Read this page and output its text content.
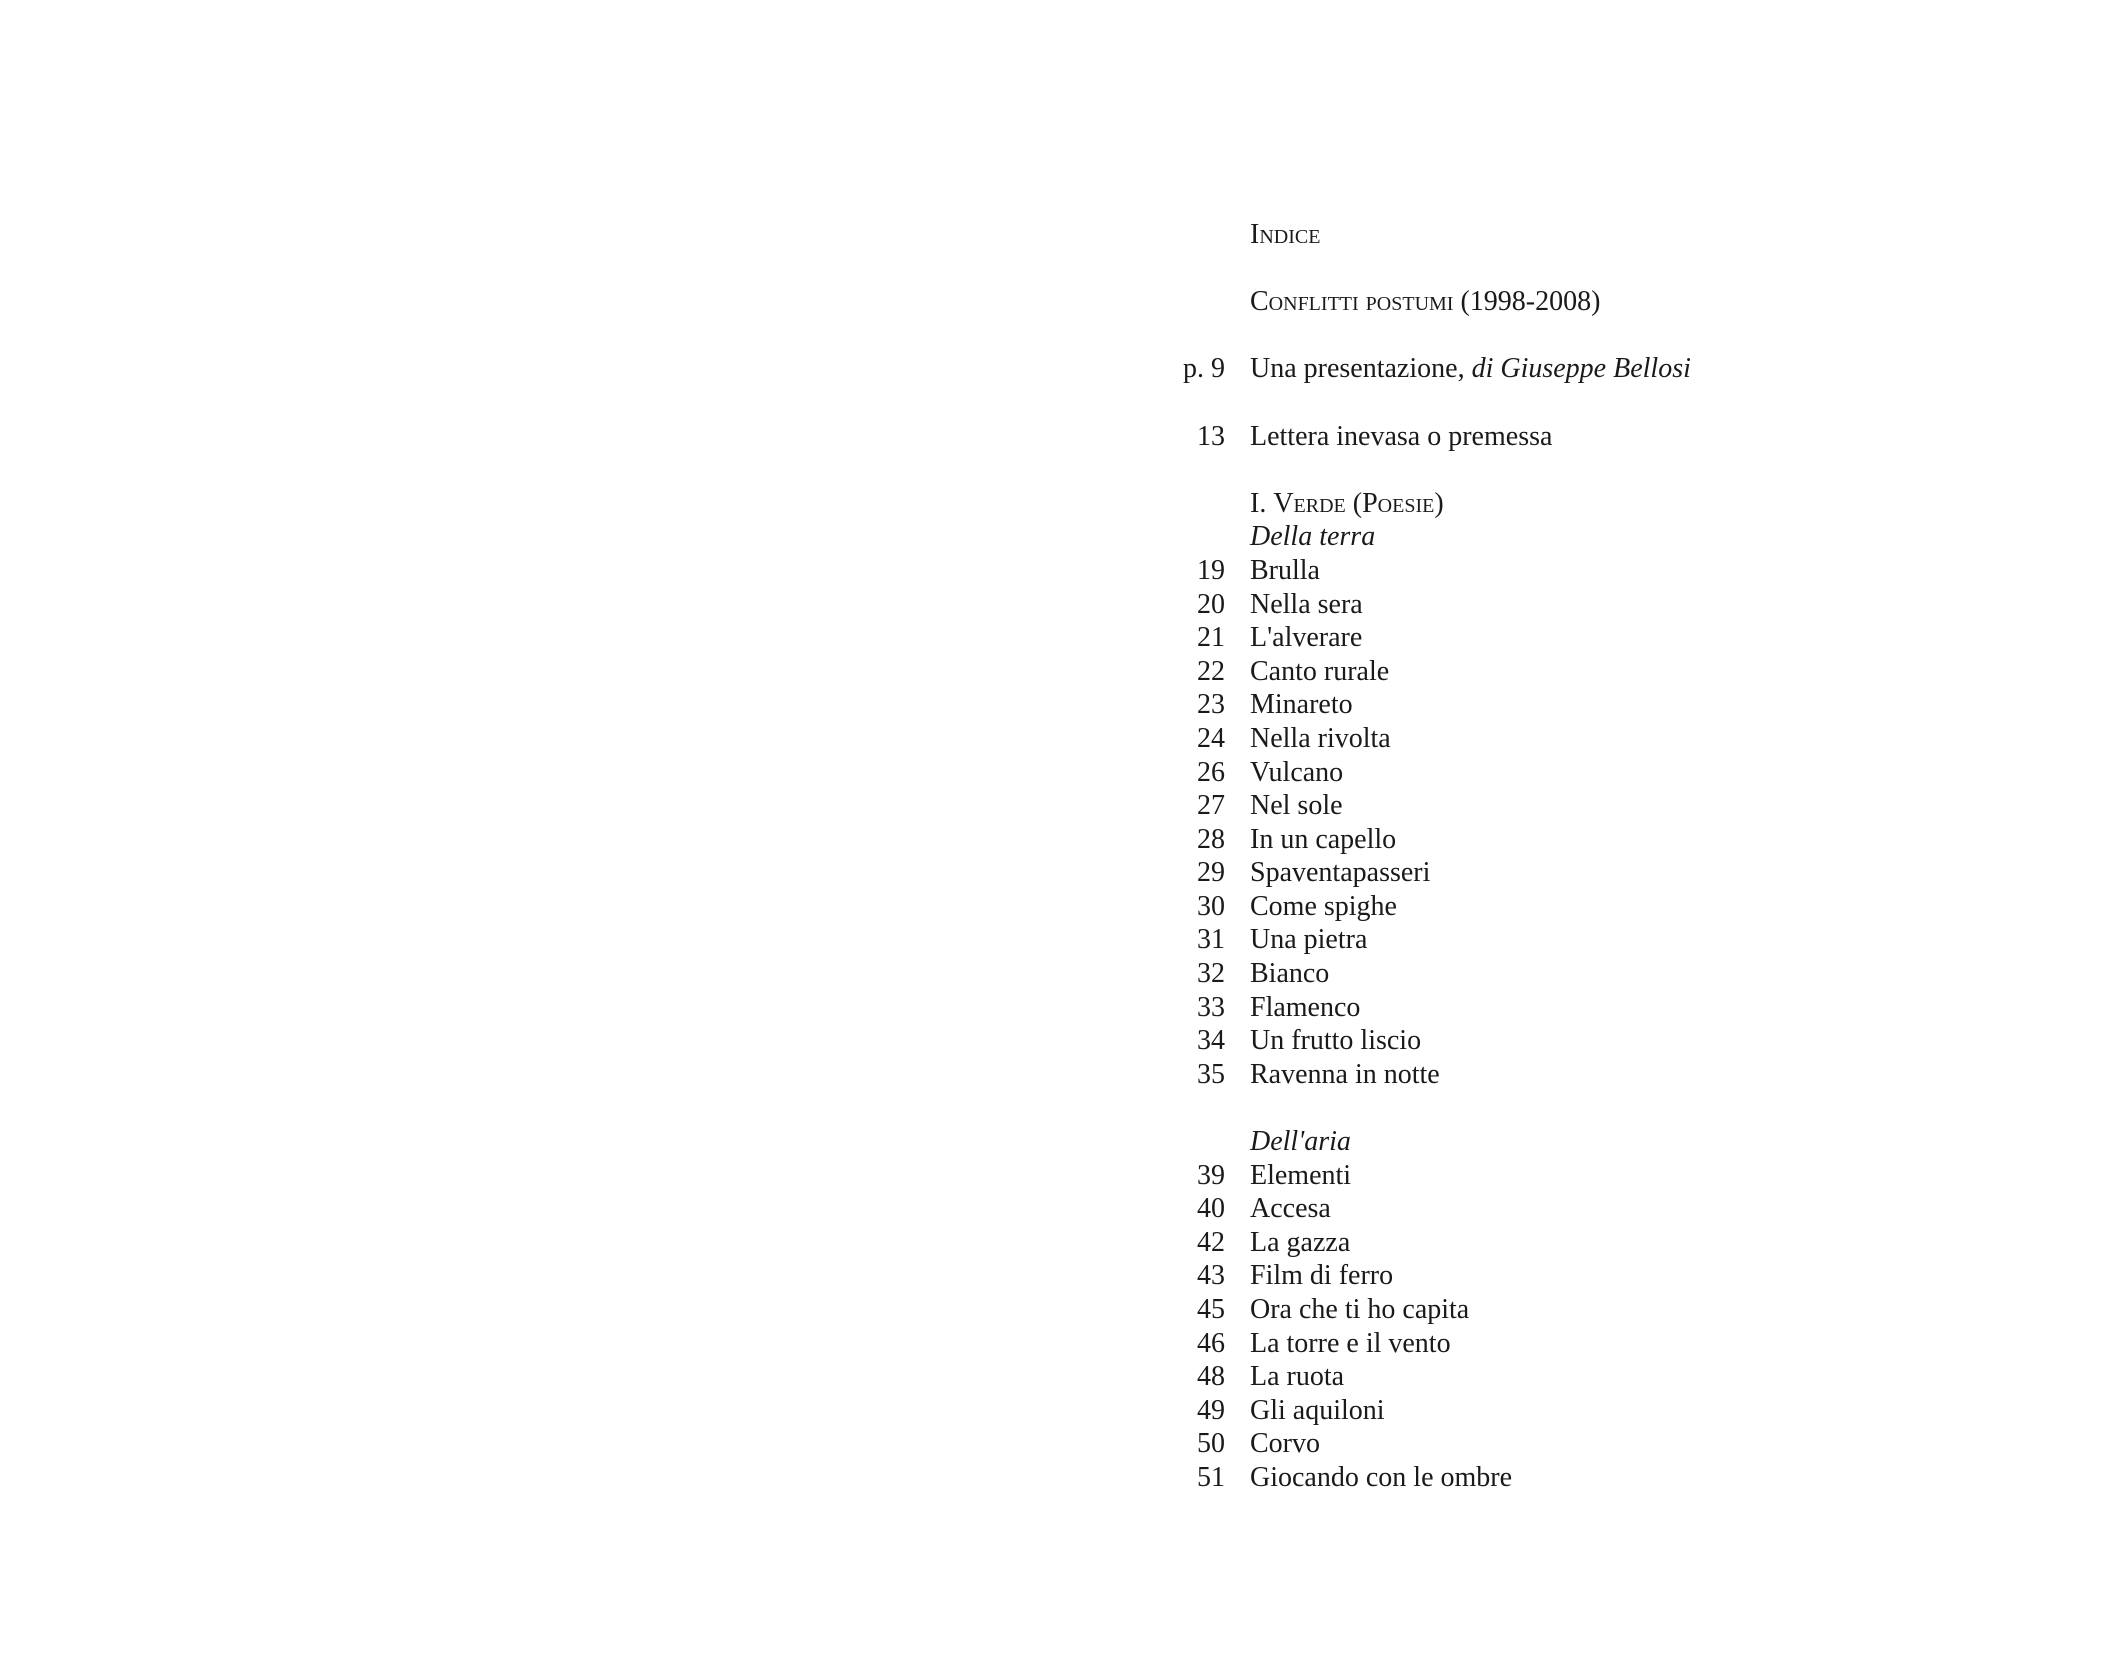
Indice
Conflitti postumi (1998-2008)
p. 9 Una presentazione, di Giuseppe Bellosi
13 Lettera inevasa o premessa
I. Verde (Poesie)
Della terra
19 Brulla
20 Nella sera
21 L'alverare
22 Canto rurale
23 Minareto
24 Nella rivolta
26 Vulcano
27 Nel sole
28 In un capello
29 Spaventapasseri
30 Come spighe
31 Una pietra
32 Bianco
33 Flamenco
34 Un frutto liscio
35 Ravenna in notte
Dell'aria
39 Elementi
40 Accesa
42 La gazza
43 Film di ferro
45 Ora che ti ho capita
46 La torre e il vento
48 La ruota
49 Gli aquiloni
50 Corvo
51 Giocando con le ombre
